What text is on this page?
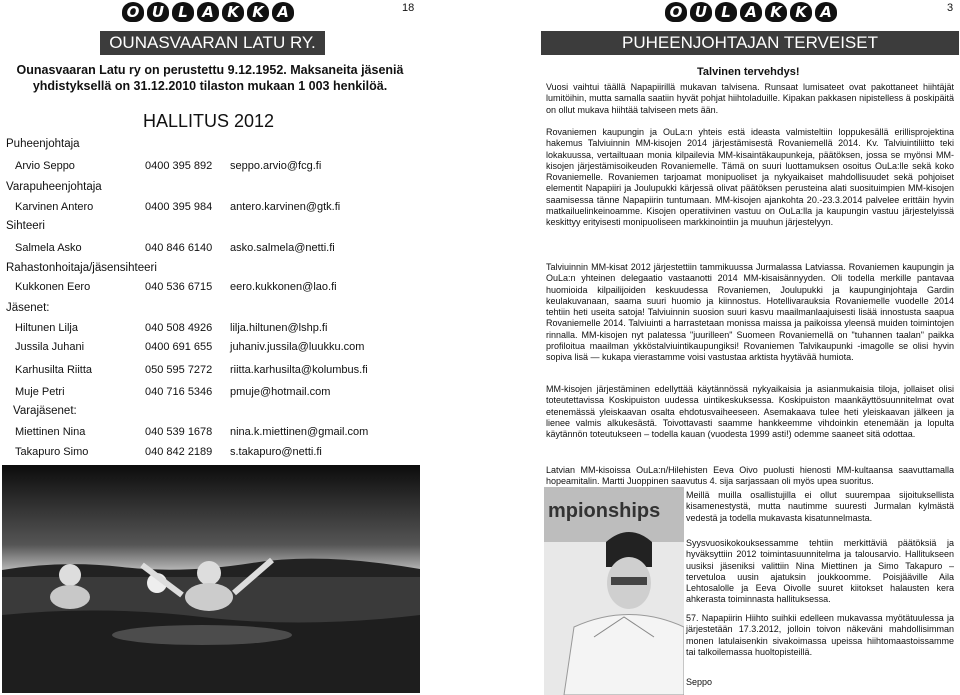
O U L A K K A	18
OUNASVAARAN LATU RY.
Ounasvaaran Latu ry on perustettu 9.12.1952. Maksaneita jäseniä
yhdistyksellä on 31.12.2010 tilaston mukaan 1 003 henkilöä.
HALLITUS 2012
Puheenjohtaja
Arvio Seppo	0400 395 892 seppo.arvio@fcg.fi
Varapuheenjohtaja
Karvinen Antero	0400 395 984 antero.karvinen@gtk.fi
Sihteeri
Salmela Asko	040 846 6140 asko.salmela@netti.fi
Rahastonhoitaja/jäsensihteeri
Kukkonen Eero	040 536 6715 eero.kukkonen@lao.fi
Jäsenet:
Hiltunen Lilja	040 508 4926 lilja.hiltunen@lshp.fi
Jussila Juhani	0400 691 655 juhaniv.jussila@luukku.com
Karhusilta Riitta	050 595 7272 riitta.karhusilta@kolumbus.fi
Muje Petri	040 716 5346 pmuje@hotmail.com
Varajäsenet:
Miettinen Nina	040 539 1678 nina.k.miettinen@gmail.com
Takapuro Simo	040 842 2189 s.takapuro@netti.fi
O U L A K K A	3
PUHEENJOHTAJAN TERVEISET
Talvinen tervehdys!
Vuosi vaihtui täällä Napapiirillä mukavan talvisena. Runsaat lumisateet ovat pakottaneet hiihtäjät lumitöihin, mutta samalla saatiin hyvät pohjat hiihtoladuille. Kipakan pakkasen nipistelless ä poskipäitä on ollut mukava hiihtää talviseen mets ään.
Rovaniemen kaupungin ja OuLa:n yhteis estä ideasta valmisteltiin loppukesällä erillisprojektina hakemus Talviuinnin MM-kisojen 2014 järjestämisestä Rovaniemellä 2014. Kv. Talviuintiliitto teki lokakuussa, vertailtuaan monia kilpailevia MM-kisaintäkaupunkeja, päätöksen, jossa se myönsi MM-kisojen järjestämisoikeuden Rovaniemelle. Tämä on suuri luottamuksen osoitus OuLa:lle sekä koko Rovaniemelle. Rovaniemen tarjoamat monipuoliset ja nykyaikaiset mahdollisuudet sekä pohjoiset elementit Napapiiri ja Joulupukki kärjessä olivat päätöksen perusteina alati suosituimpien MM-kisojen saamisessa tänne Napapiirin tuntumaan. MM-kisojen ajankohta 20.-23.3.2014 palvelee erittäin hyvin matkailuelinkeinoamme. Kisojen operatiivinen vastuu on OuLa:lla ja kaupungin vastuu järjestelyissä keskittyy erityisesti monipuoliseen markkinointiin ja muuhun järjestelyyn.
Talviuinnin MM-kisat 2012 järjestettiin tammikuussa Jurmalassa Latviassa. Rovaniemen kaupungin ja OuLa:n yhteinen delegaatio vastaanotti 2014 MM-kisaisännyyden. Oli todella merkille pantavaa huomioida kilpailijoiden keskuudessa Rovaniemen, Joulupukki ja kaupunginjohtaja Gardin keulakuvanaan, saama suuri huomio ja kiinnostus. Hotellivarauksia Rovaniemelle vuodelle 2014 tehtiin heti useita satoja! Talviuinnin suosion suuri kasvu maailmanlaajuisesti lisää innostusta saapua Rovaniemelle 2014. Talviuinti a harrastetaan monissa maissa ja paikoissa yleensä muiden toimintojen rinnalla. MM-kisojen nyt palatessa "juurilleen" Suomeen Rovaniemellä on "tuhannen taalan" paikka profiloitua maailman ykköstalviuintikaupungiksi! Rovaniemen Talvikaupunki -imagolle se olisi hyvin sopiva lisä — kukapa vierastamme voisi vastustaa arktista hyytävää humiota.
MM-kisojen järjestäminen edellyttää käytännössä nykyaikaisia ja asianmukaisia tiloja, jollaiset olisi toteutettavissa Koskipuiston uudessa uintikeskuksessa. Koskipuiston maankäyttösuunnitelmat ovat etenemässä yleiskaavan osalta ehdotusvaiheeseen. Asemakaava tulee heti yleiskaavan jälkeen ja lienee valmis alkukesästä. Toivottavasti saamme hankkeemme vihdoinkin etenemään ja lopulta käytännön toteutukseen – todella kauan (vuodesta 1999 asti!) odemme saaneet sitä odottaa.
Latvian MM-kisoissa OuLa:n/Hilehisten Eeva Oivo puolusti hienosti MM-kultaansa saavuttamalla hopeamitalin. Martti Juoppinen saavutus 4. sija sarjassaan oli myös upea suoritus.
mpionships
Meillä muilla osallistujilla ei ollut suurempaa sijoituksellista kisamenestystä, mutta nautimme suuresti Jurmalan kylmästä vedestä ja todella mukavasta kisatunnelmasta.
Syysvuosikokouksessamme tehtiin merkittäviä päätöksiä ja hyväksyttiin 2012 toimintasuunnitelma ja talousarvio. Hallitukseen uusiksi jäseniksi valittiin Nina Miettinen ja Simo Takapuro – tervetuloa uusin ajatuksin joukkoomme. Poisjääville Aila Lehtosalolle ja Eeva Oivolle suuret kiitokset halausten kera ahkerasta toiminnasta hallituksessa.
57. Napapiirin Hiihto suihkii edelleen mukavassa myötätuulessa ja järjestetään 17.3.2012, jolloin toivon näkeväni mahdollisimman monen latulaisenkin sivakoimassa upeissa hiihtomaastoissamme tai talkoilemassa huoltopisteillä.
Seppo
